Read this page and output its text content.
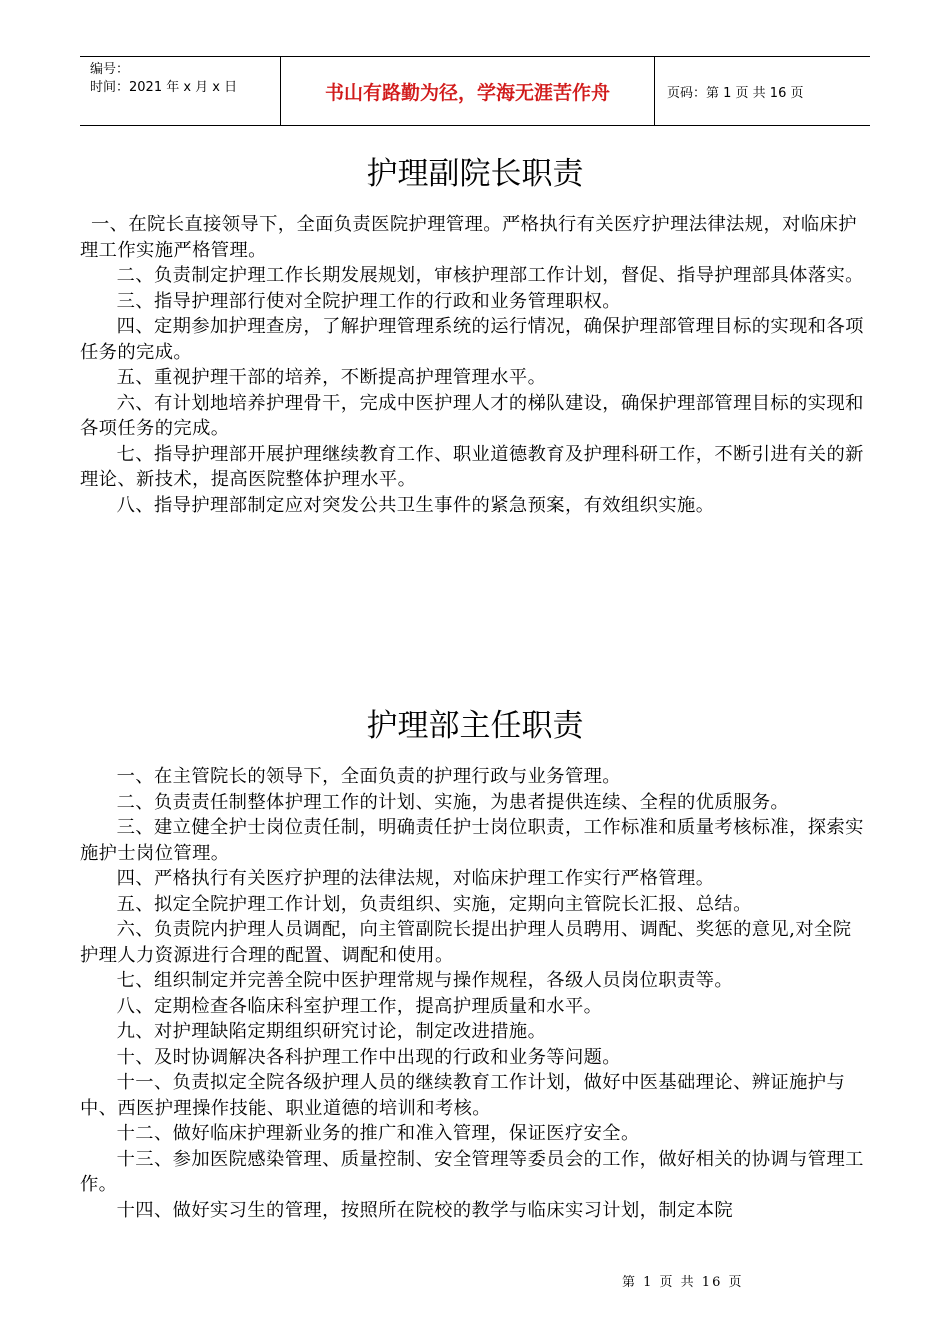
编号：
时间：2021 年 x 月 x 日	书山有路勤为径，学海无涯苦作舟	页码：第 1 页 共 16 页
护理副院长职责

一、在院长直接领导下，全面负责医院护理管理。严格执行有关医疗护理法律法规，对临床护理工作实施严格管理。

二、负责制定护理工作长期发展规划，审核护理部工作计划，督促、指导护理部具体落实。

三、指导护理部行使对全院护理工作的行政和业务管理职权。

四、定期参加护理查房，了解护理管理系统的运行情况，确保护理部管理目标的实现和各项任务的完成。

五、重视护理干部的培养，不断提高护理管理水平。

六、有计划地培养护理骨干，完成中医护理人才的梯队建设，确保护理部管理目标的实现和各项任务的完成。

七、指导护理部开展护理继续教育工作、职业道德教育及护理科研工作，不断引进有关的新理论、新技术，提高医院整体护理水平。

八、指导护理部制定应对突发公共卫生事件的紧急预案，有效组织实施。

护理部主任职责

一、在主管院长的领导下，全面负责的护理行政与业务管理。

二、负责责任制整体护理工作的计划、实施，为患者提供连续、全程的优质服务。

三、建立健全护士岗位责任制，明确责任护士岗位职责，工作标准和质量考核标准，探索实施护士岗位管理。

四、严格执行有关医疗护理的法律法规，对临床护理工作实行严格管理。

五、拟定全院护理工作计划，负责组织、实施，定期向主管院长汇报、总结。

六、负责院内护理人员调配，向主管副院长提出护理人员聘用、调配、奖惩的意见,对全院护理人力资源进行合理的配置、调配和使用。

七、组织制定并完善全院中医护理常规与操作规程，各级人员岗位职责等。

八、定期检查各临床科室护理工作，提高护理质量和水平。

九、对护理缺陷定期组织研究讨论，制定改进措施。

十、及时协调解决各科护理工作中出现的行政和业务等问题。

十一、负责拟定全院各级护理人员的继续教育工作计划，做好中医基础理论、辨证施护与中、西医护理操作技能、职业道德的培训和考核。

十二、做好临床护理新业务的推广和准入管理，保证医疗安全。

十三、参加医院感染管理、质量控制、安全管理等委员会的工作，做好相关的协调与管理工作。

十四、做好实习生的管理，按照所在院校的教学与临床实习计划，制定本院

第 1 页 共 16 页
